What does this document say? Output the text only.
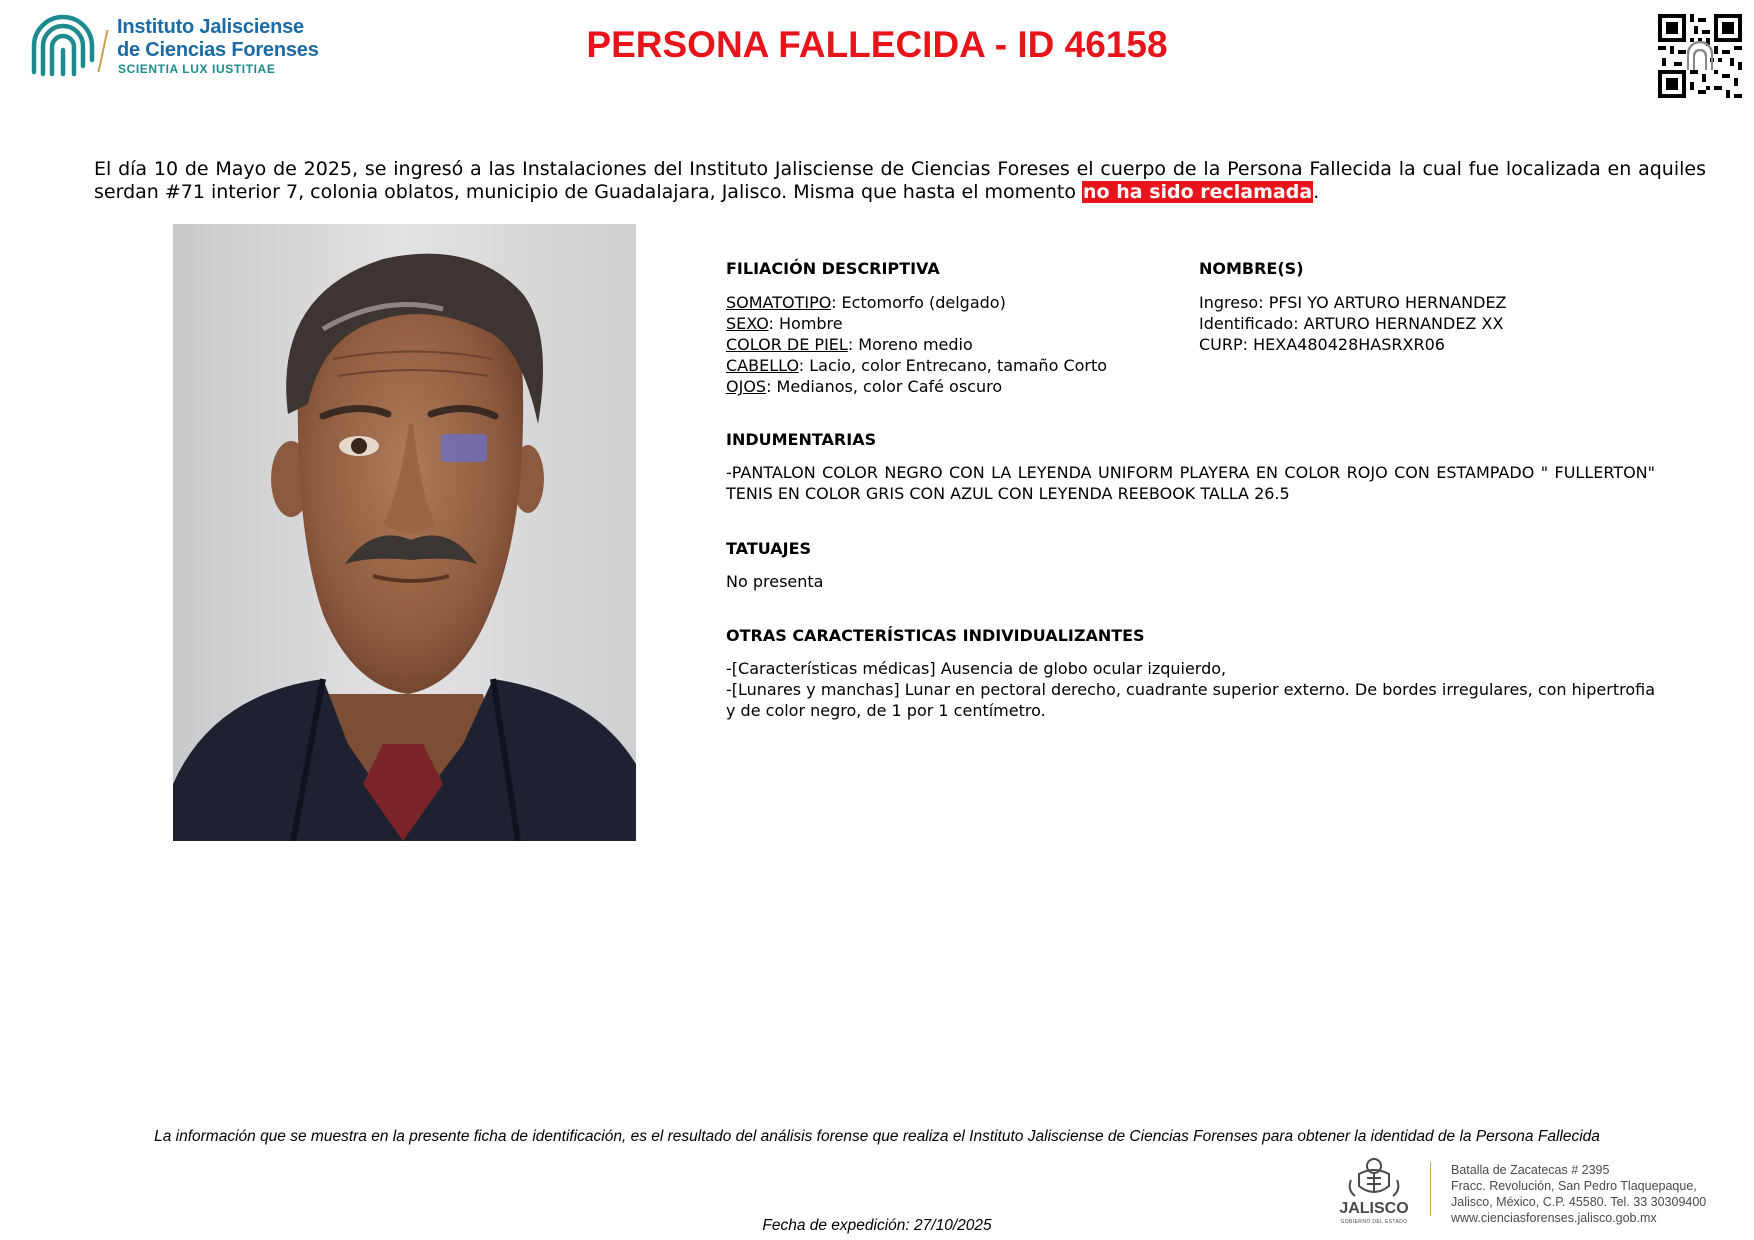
Instituto Jalisciense
de Ciencias Forenses
SCIENTIA LUX IUSTITIAE
PERSONA FALLECIDA - ID 46158
El día 10 de Mayo de 2025, se ingresó a las Instalaciones del Instituto Jalisciense de Ciencias Foreses el cuerpo de la Persona Fallecida la cual fue localizada en aquiles serdan #71 interior 7, colonia oblatos, municipio de Guadalajara, Jalisco. Misma que hasta el momento no ha sido reclamada.
FILIACIÓN DESCRIPTIVA
SOMATOTIPO: Ectomorfo (delgado)
SEXO: Hombre
COLOR DE PIEL: Moreno medio
CABELLO: Lacio, color Entrecano, tamaño Corto
OJOS: Medianos, color Café oscuro
NOMBRE(S)
Ingreso: PFSI YO ARTURO HERNANDEZ
Identificado: ARTURO HERNANDEZ XX
CURP: HEXA480428HASRXR06
INDUMENTARIAS
-PANTALON COLOR NEGRO CON LA LEYENDA UNIFORM PLAYERA EN COLOR ROJO CON ESTAMPADO " FULLERTON" TENIS EN COLOR GRIS CON AZUL CON LEYENDA REEBOOK TALLA 26.5
TATUAJES
No presenta
OTRAS CARACTERÍSTICAS INDIVIDUALIZANTES
-[Características médicas] Ausencia de globo ocular izquierdo,
-[Lunares y manchas] Lunar en pectoral derecho, cuadrante superior externo. De bordes irregulares, con hipertrofia y de color negro, de 1 por 1 centímetro.
La información que se muestra en la presente ficha de identificación, es el resultado del análisis forense que realiza el Instituto Jalisciense de Ciencias Forenses para obtener la identidad de la Persona Fallecida
JALISCO
GOBIERNO DEL ESTADO
Batalla de Zacatecas # 2395
Fracc. Revolución, San Pedro Tlaquepaque,
Jalisco, México, C.P. 45580. Tel. 33 30309400
www.cienciasforenses.jalisco.gob.mx
Fecha de expedición: 27/10/2025
